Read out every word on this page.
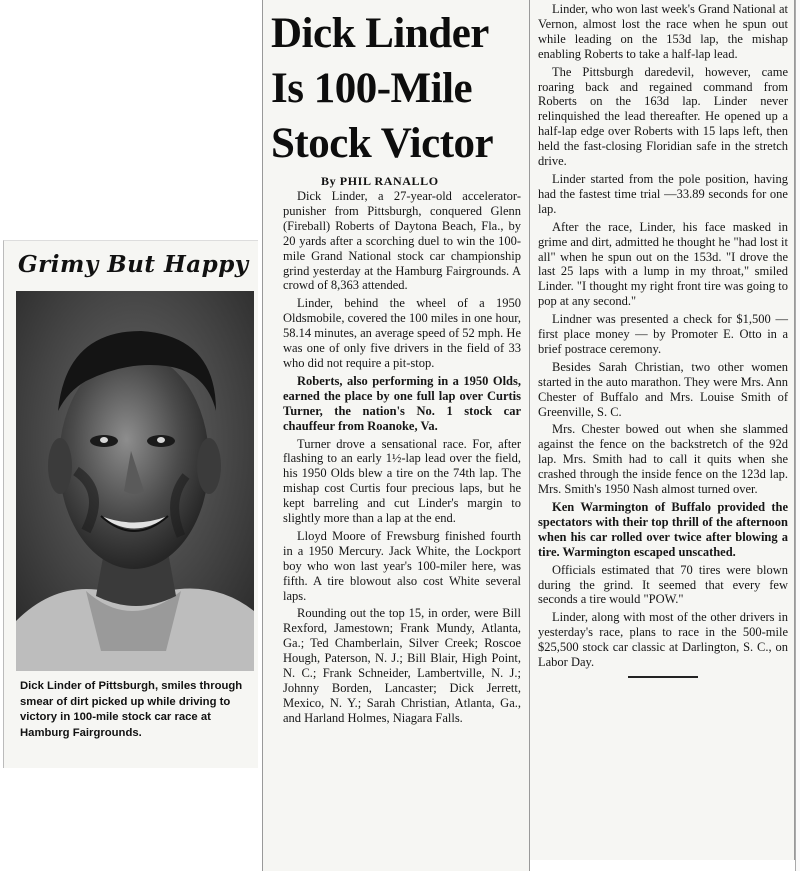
Grimy But Happy
Dick Linder of Pittsburgh, smiles through smear of dirt picked up while driving to victory in 100-mile stock car race at Hamburg Fairgrounds.
Dick Linder
Is 100-Mile
Stock Victor
By PHIL RANALLO

Dick Linder, a 27-year-old accelerator-punisher from Pittsburgh, conquered Glenn (Fireball) Roberts of Daytona Beach, Fla., by 20 yards after a scorching duel to win the 100-mile Grand National stock car championship grind yesterday at the Hamburg Fairgrounds. A crowd of 8,363 attended.

Linder, behind the wheel of a 1950 Oldsmobile, covered the 100 miles in one hour, 58.14 minutes, an average speed of 52 mph. He was one of only five drivers in the field of 33 who did not require a pit-stop.

Roberts, also performing in a 1950 Olds, earned the place by one full lap over Curtis Turner, the nation's No. 1 stock car chauffeur from Roanoke, Va.

Turner drove a sensational race. For, after flashing to an early 1½-lap lead over the field, his 1950 Olds blew a tire on the 74th lap. The mishap cost Curtis four precious laps, but he kept barreling and cut Linder's margin to slightly more than a lap at the end.

Lloyd Moore of Frewsburg finished fourth in a 1950 Mercury. Jack White, the Lockport boy who won last year's 100-miler here, was fifth. A tire blowout also cost White several laps.

Rounding out the top 15, in order, were Bill Rexford, Jamestown; Frank Mundy, Atlanta, Ga.; Ted Chamberlain, Silver Creek; Roscoe Hough, Paterson, N. J.; Bill Blair, High Point, N. C.; Frank Schneider, Lambertville, N. J.; Johnny Borden, Lancaster; Dick Jerrett, Mexico, N. Y.; Sarah Christian, Atlanta, Ga., and Harland Holmes, Niagara Falls.

Linder, who won last week's Grand National at Vernon, almost lost the race when he spun out while leading on the 153d lap, the mishap enabling Roberts to take a half-lap lead.

The Pittsburgh daredevil, however, came roaring back and regained command from Roberts on the 163d lap. Linder never relinquished the lead thereafter. He opened up a half-lap edge over Roberts with 15 laps left, then held the fast-closing Floridian safe in the stretch drive.

Linder started from the pole position, having had the fastest time trial —33.89 seconds for one lap.

After the race, Linder, his face masked in grime and dirt, admitted he thought he "had lost it all" when he spun out on the 153d. "I drove the last 25 laps with a lump in my throat," smiled Linder. "I thought my right front tire was going to pop at any second."

Lindner was presented a check for $1,500 — first place money — by Promoter E. Otto in a brief postrace ceremony.

Besides Sarah Christian, two other women started in the auto marathon. They were Mrs. Ann Chester of Buffalo and Mrs. Louise Smith of Greenville, S. C.

Mrs. Chester bowed out when she slammed against the fence on the backstretch of the 92d lap. Mrs. Smith had to call it quits when she crashed through the inside fence on the 123d lap. Mrs. Smith's 1950 Nash almost turned over.

Ken Warmington of Buffalo provided the spectators with their top thrill of the afternoon when his car rolled over twice after blowing a tire. Warmington escaped unscathed.

Officials estimated that 70 tires were blown during the grind. It seemed that every few seconds a tire would "POW."

Linder, along with most of the other drivers in yesterday's race, plans to race in the 500-mile $25,500 stock car classic at Darlington, S. C., on Labor Day.
